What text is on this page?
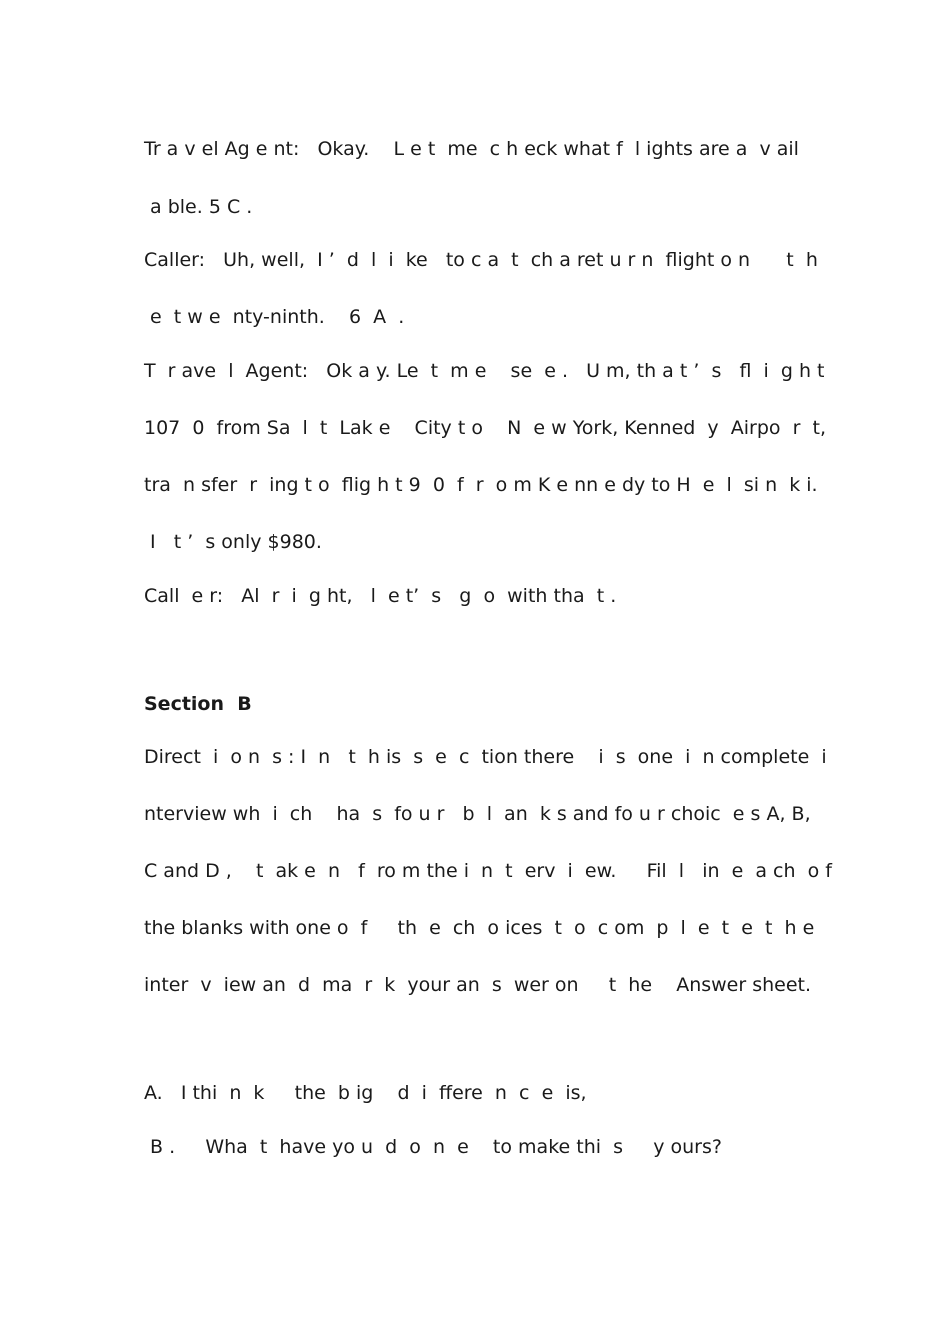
Tr a v el Ag e nt:   Okay.    L e t  me  c h eck what f  l ights are a  v ail
a ble. 5 C .
Caller:   Uh, well,  I ’  d  l  i  ke   to c a  t  ch a ret u r n  flight o n      t  h
e  t w e  nty-ninth.    6  A  .
T  r ave  l  Agent:   Ok a y. Le  t  m e    se  e .   U m, th a t ’  s   fl  i  g h t
107  0  from Sa  l  t  Lak e    City t o    N  e w York, Kenned  y  Airpo  r  t,
tra  n sfer  r  ing t o  flig h t 9  0  f  r  o m K e nn e dy to H  e  l  si n  k i.
I   t ’  s only $980.
Call  e r:   Al  r  i  g ht,   l  e t’  s   g  o  with tha  t .
Section  B
Direct  i  o n  s : I  n   t  h is  s  e  c  tion there    i  s  one  i  n complete  i
nterview wh  i  ch    ha  s  fo u r   b  l  an  k s and fo u r choic  e s A, B,
C and D ,    t  ak e  n   f  ro m the i  n  t  erv  i  ew.     Fil  l   in  e  a ch  o f
the blanks with one o  f     th  e  ch  o ices  t  o  c om  p  l  e  t  e  t  h e
inter  v  iew an  d  ma  r  k  your an  s  wer on     t  he    Answer sheet.
A.   I thi  n  k     the  b ig    d  i  ffere  n  c  e  is,
B .     Wha  t  have yo u  d  o  n  e    to make thi  s     y ours?
